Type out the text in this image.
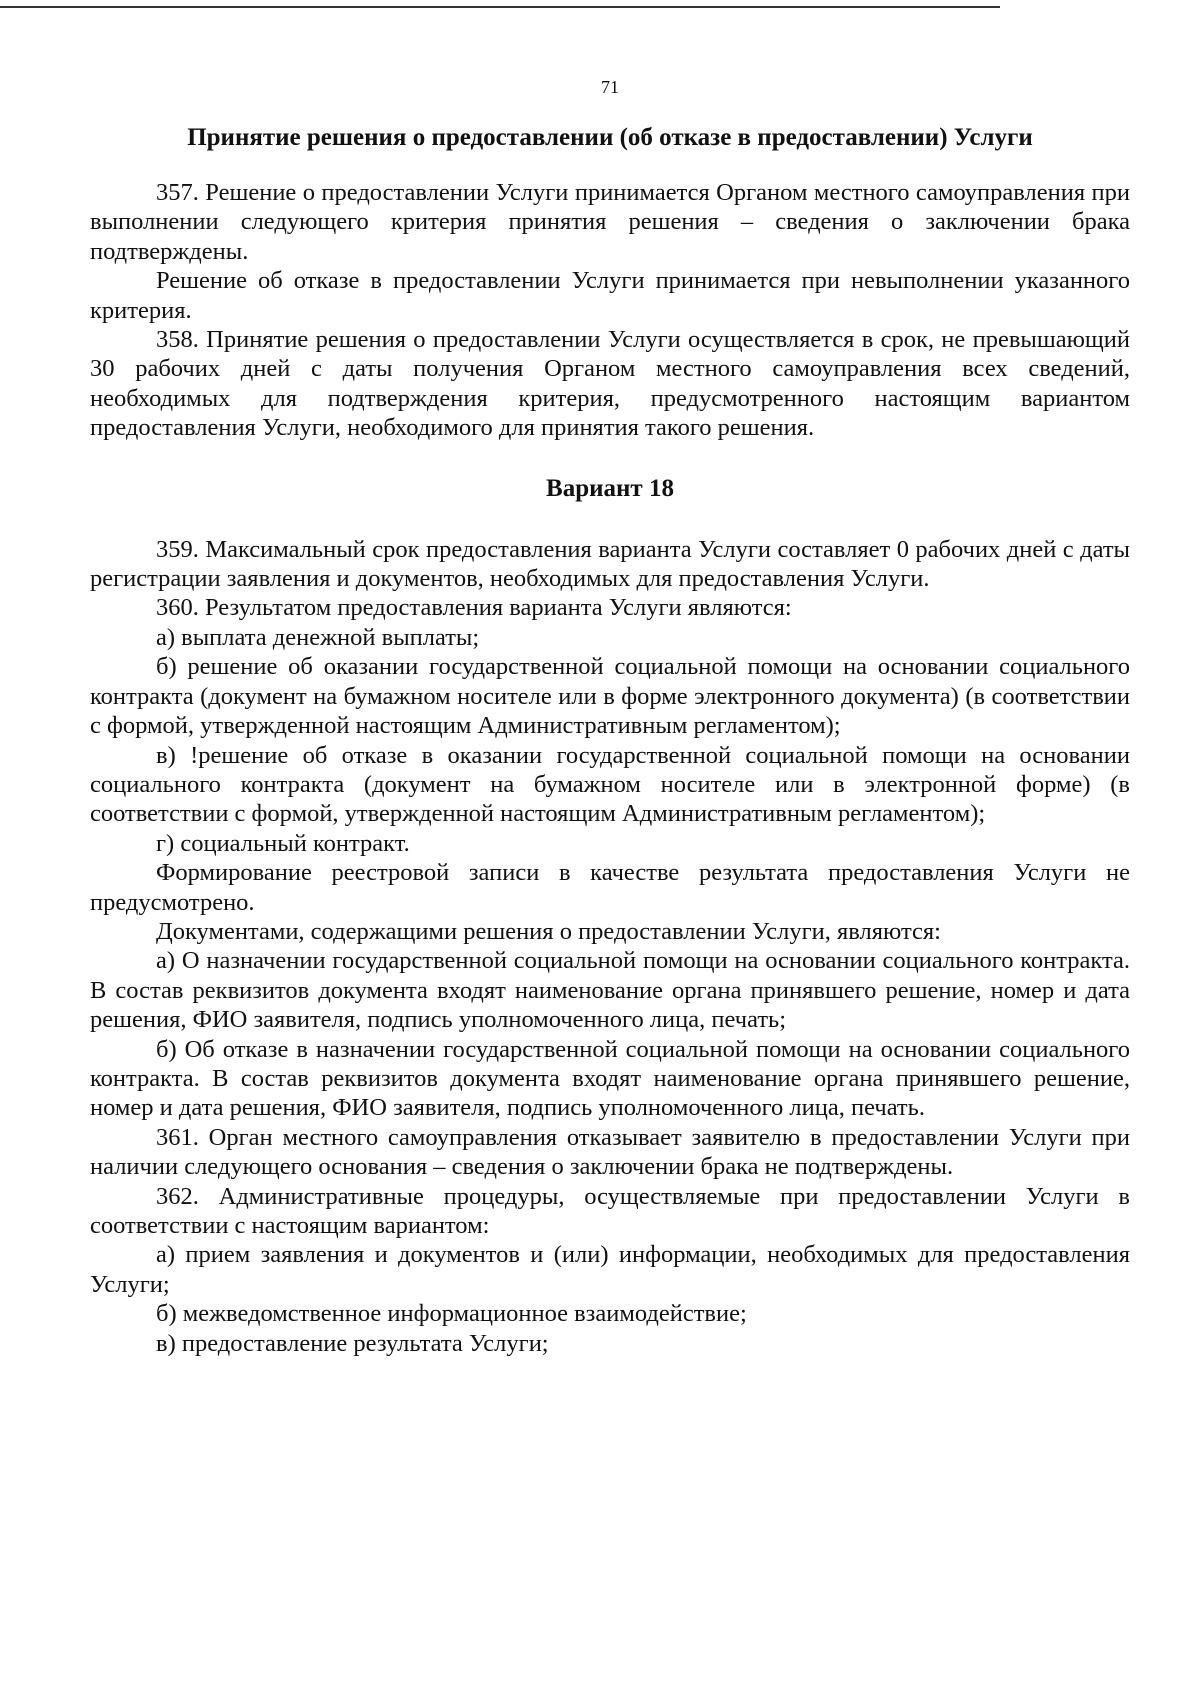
71
Принятие решения о предоставлении (об отказе в предоставлении) Услуги

357. Решение о предоставлении Услуги принимается Органом местного самоуправления при выполнении следующего критерия принятия решения – сведения о заключении брака подтверждены.

Решение об отказе в предоставлении Услуги принимается при невыполнении указанного критерия.

358. Принятие решения о предоставлении Услуги осуществляется в срок, не превышающий 30 рабочих дней с даты получения Органом местного самоуправления всех сведений, необходимых для подтверждения критерия, предусмотренного настоящим вариантом предоставления Услуги, необходимого для принятия такого решения.

Вариант 18

359. Максимальный срок предоставления варианта Услуги составляет 0 рабочих дней с даты регистрации заявления и документов, необходимых для предоставления Услуги.

360. Результатом предоставления варианта Услуги являются:

а) выплата денежной выплаты;

б) решение об оказании государственной социальной помощи на основании социального контракта (документ на бумажном носителе или в форме электронного документа) (в соответствии с формой, утвержденной настоящим Административным регламентом);

в) !решение об отказе в оказании государственной социальной помощи на основании социального контракта (документ на бумажном носителе или в электронной форме) (в соответствии с формой, утвержденной настоящим Административным регламентом);

г) социальный контракт.

Формирование реестровой записи в качестве результата предоставления Услуги не предусмотрено.

Документами, содержащими решения о предоставлении Услуги, являются:

а) О назначении государственной социальной помощи на основании социального контракта. В состав реквизитов документа входят наименование органа принявшего решение, номер и дата решения, ФИО заявителя, подпись уполномоченного лица, печать;

б) Об отказе в назначении государственной социальной помощи на основании социального контракта. В состав реквизитов документа входят наименование органа принявшего решение, номер и дата решения, ФИО заявителя, подпись уполномоченного лица, печать.

361. Орган местного самоуправления отказывает заявителю в предоставлении Услуги при наличии следующего основания – сведения о заключении брака не подтверждены.

362. Административные процедуры, осуществляемые при предоставлении Услуги в соответствии с настоящим вариантом:

а) прием заявления и документов и (или) информации, необходимых для предоставления Услуги;

б) межведомственное информационное взаимодействие;

в) предоставление результата Услуги;
